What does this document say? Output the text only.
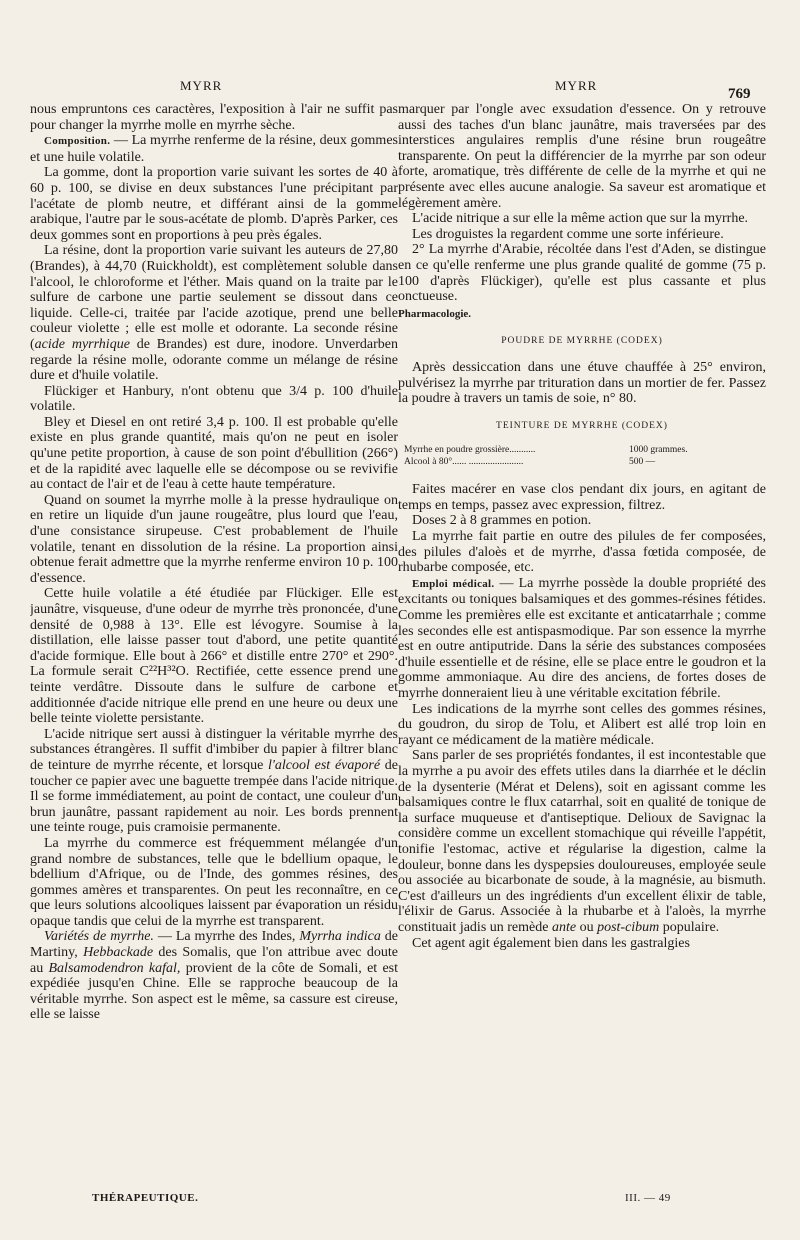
MYRR	MYRR
769

nous empruntons ces caractères, l'exposition à l'air ne suffit pas pour changer la myrrhe molle en myrrhe sèche.

Composition. — La myrrhe renferme de la résine, deux gommes et une huile volatile.

La gomme, dont la proportion varie suivant les sortes de 40 à 60 p. 100, se divise en deux substances l'une précipitant par l'acétate de plomb neutre, et différant ainsi de la gomme arabique, l'autre par le sous-acétate de plomb. D'après Parker, ces deux gommes sont en proportions à peu près égales.

La résine, dont la proportion varie suivant les auteurs de 27,80 (Brandes), à 44,70 (Ruickholdt), est complètement soluble dans l'alcool, le chloroforme et l'éther. Mais quand on la traite par le sulfure de carbone une partie seulement se dissout dans ce liquide. Celle-ci, traitée par l'acide azotique, prend une belle couleur violette ; elle est molle et odorante. La seconde résine (acide myrrhique de Brandes) est dure, inodore. Unverdarben regarde la résine molle, odorante comme un mélange de résine dure et d'huile volatile.

Flückiger et Hanbury, n'ont obtenu que 3/4 p. 100 d'huile volatile.

Bley et Diesel en ont retiré 3,4 p. 100. Il est probable qu'elle existe en plus grande quantité, mais qu'on ne peut en isoler qu'une petite proportion, à cause de son point d'ébullition (266°) et de la rapidité avec laquelle elle se décompose ou se revivifie au contact de l'air et de l'eau à cette haute température.

Quand on soumet la myrrhe molle à la presse hydraulique on en retire un liquide d'un jaune rougeâtre, plus lourd que l'eau, d'une consistance sirupeuse. C'est probablement de l'huile volatile, tenant en dissolution de la résine. La proportion ainsi obtenue ferait admettre que la myrrhe renferme environ 10 p. 100 d'essence.

Cette huile volatile a été étudiée par Flückiger. Elle est jaunâtre, visqueuse, d'une odeur de myrrhe très prononcée, d'une densité de 0,988 à 13°. Elle est lévogyre. Soumise à la distillation, elle laisse passer tout d'abord, une petite quantité d'acide formique. Elle bout à 266° et distille entre 270° et 290°. La formule serait C²²H³²O. Rectifiée, cette essence prend une teinte verdâtre. Dissoute dans le sulfure de carbone et additionnée d'acide nitrique elle prend en une heure ou deux une belle teinte violette persistante.

L'acide nitrique sert aussi à distinguer la véritable myrrhe des substances étrangères. Il suffit d'imbiber du papier à filtrer blanc de teinture de myrrhe récente, et lorsque l'alcool est évaporé de toucher ce papier avec une baguette trempée dans l'acide nitrique. Il se forme immédiatement, au point de contact, une couleur d'un brun jaunâtre, passant rapidement au noir. Les bords prennent une teinte rouge, puis cramoisie permanente.

La myrrhe du commerce est fréquemment mélangée d'un grand nombre de substances, telle que le bdellium opaque, le bdellium d'Afrique, ou de l'Inde, des gommes résines, des gommes amères et transparentes. On peut les reconnaître, en ce que leurs solutions alcooliques laissent par évaporation un résidu opaque tandis que celui de la myrrhe est transparent.

Variétés de myrrhe. — La myrrhe des Indes, Myrrha indica de Martiny, Hebbackade des Somalis, que l'on attribue avec doute au Balsamodendron kafal, provient de la côte de Somali, et est expédiée jusqu'en Chine. Elle se rapproche beaucoup de la véritable myrrhe. Son aspect est le même, sa cassure est cireuse, elle se laisse

marquer par l'ongle avec exsudation d'essence. On y retrouve aussi des taches d'un blanc jaunâtre, mais traversées par des interstices angulaires remplis d'une résine brun rougeâtre transparente. On peut la différencier de la myrrhe par son odeur forte, aromatique, très différente de celle de la myrrhe et qui ne présente avec elles aucune analogie. Sa saveur est aromatique et légèrement amère.

L'acide nitrique a sur elle la même action que sur la myrrhe.

Les droguistes la regardent comme une sorte inférieure.

2° La myrrhe d'Arabie, récoltée dans l'est d'Aden, se distingue en ce qu'elle renferme une plus grande qualité de gomme (75 p. 100 d'après Flückiger), qu'elle est plus cassante et plus onctueuse.

Pharmacologie.
POUDRE DE MYRRHE (CODEX)

Après dessiccation dans une étuve chauffée à 25° environ, pulvérisez la myrrhe par trituration dans un mortier de fer. Passez la poudre à travers un tamis de soie, n° 80.

TEINTURE DE MYRRHE (CODEX)
Myrrhe en poudre grossière...........	1000 grammes.
Alcool à 80°...... .......................	500 —

Faites macérer en vase clos pendant dix jours, en agitant de temps en temps, passez avec expression, filtrez.

Doses 2 à 8 grammes en potion.

La myrrhe fait partie en outre des pilules de fer composées, des pilules d'aloès et de myrrhe, d'assa fœtida composée, de rhubarbe composée, etc.

Emploi médical. — La myrrhe possède la double propriété des excitants ou toniques balsamiques et des gommes-résines fétides. Comme les premières elle est excitante et anticatarrhale ; comme les secondes elle est antispasmodique. Par son essence la myrrhe est en outre antiputride. Dans la série des substances composées d'huile essentielle et de résine, elle se place entre le goudron et la gomme ammoniaque. Au dire des anciens, de fortes doses de myrrhe donneraient lieu à une véritable excitation fébrile.

Les indications de la myrrhe sont celles des gommes résines, du goudron, du sirop de Tolu, et Alibert est allé trop loin en rayant ce médicament de la matière médicale.

Sans parler de ses propriétés fondantes, il est incontestable que la myrrhe a pu avoir des effets utiles dans la diarrhée et le déclin de la dysenterie (Mérat et Delens), soit en agissant comme les balsamiques contre le flux catarrhal, soit en qualité de tonique de la surface muqueuse et d'antiseptique. Delioux de Savignac la considère comme un excellent stomachique qui réveille l'appétit, tonifie l'estomac, active et régularise la digestion, calme la douleur, bonne dans les dyspepsies douloureuses, employée seule ou associée au bicarbonate de soude, à la magnésie, au bismuth. C'est d'ailleurs un des ingrédients d'un excellent élixir de table, l'élixir de Garus. Associée à la rhubarbe et à l'aloès, la myrrhe constituait jadis un remède ante ou post-cibum populaire.

Cet agent agit également bien dans les gastralgies

THÉRAPEUTIQUE.	III. — 49
